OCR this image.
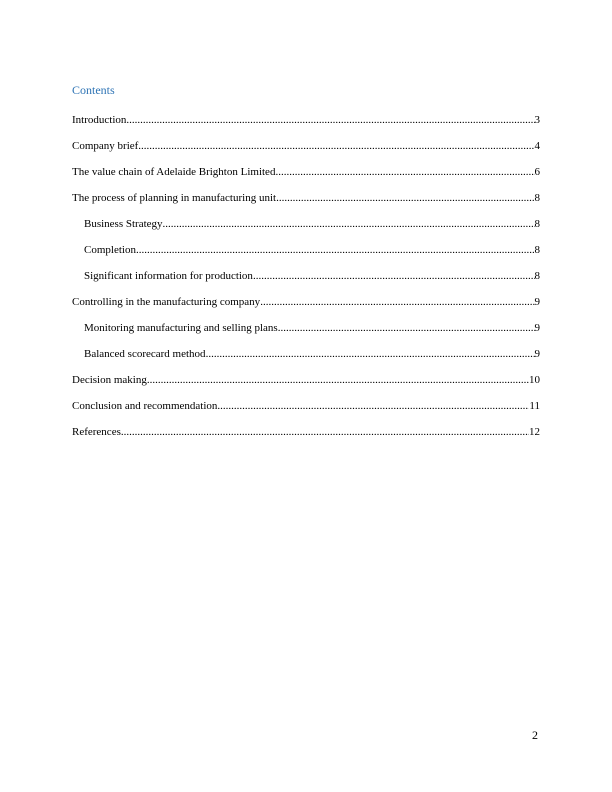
Contents
Introduction .....	3
Company brief .....	4
The value chain of Adelaide Brighton Limited .....	6
The process of planning in manufacturing unit .....	8
Business Strategy .....	8
Completion .....	8
Significant information for production .....	8
Controlling in the manufacturing company .....	9
Monitoring manufacturing and selling plans .....	9
Balanced scorecard method .....	9
Decision making .....	10
Conclusion and recommendation .....	11
References .....	12
2
